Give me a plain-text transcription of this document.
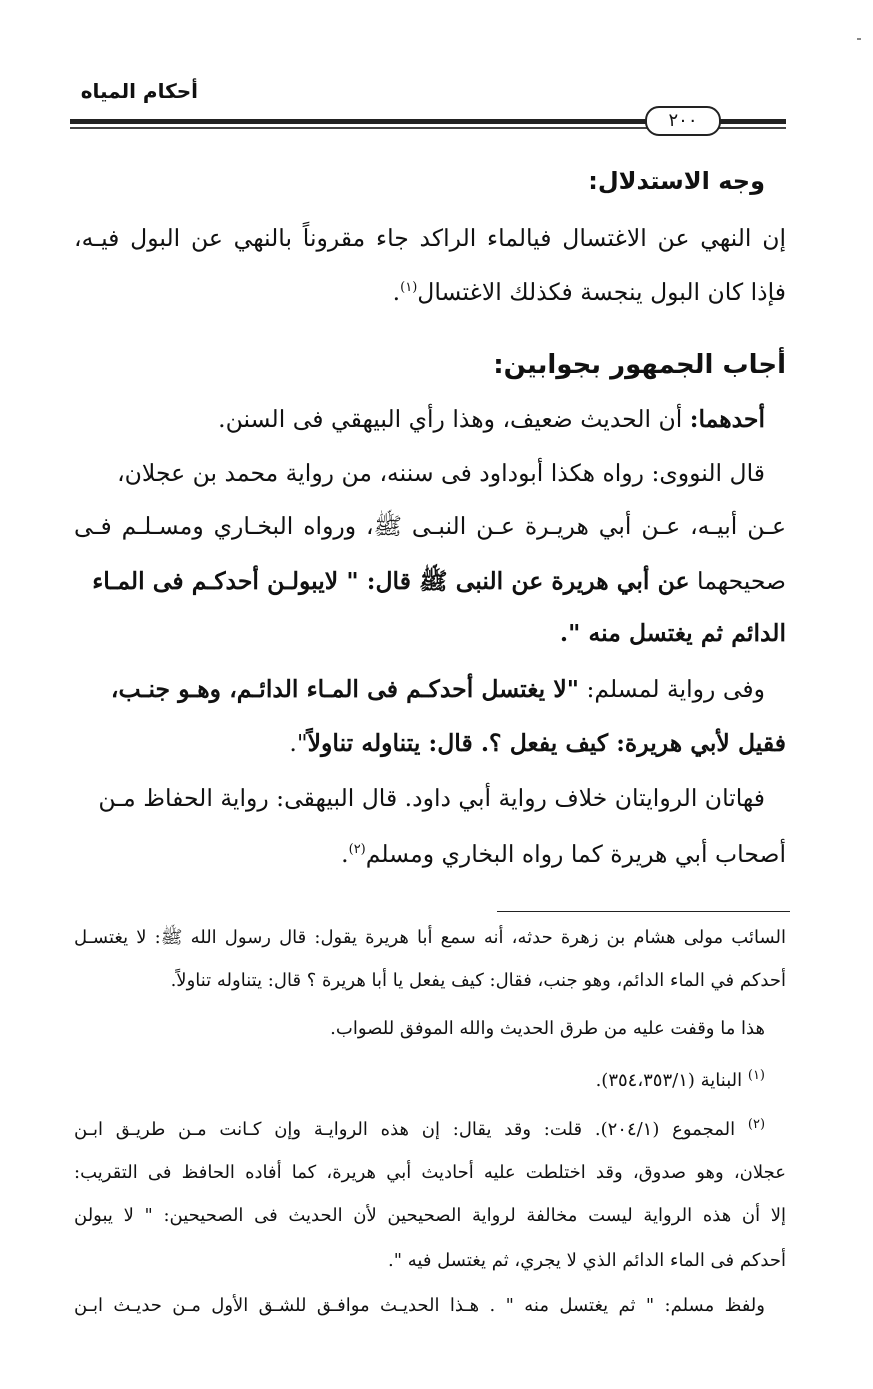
أحكام المياه
٢٠٠
وجه الاستدلال:
إن النهي عن الاغتسال فيالماء الراكد جاء مقروناً بالنهي عن البول فيـه،
فإذا كان البول ينجسة فكذلك الاغتسال$^{(١)}$.
أجاب الجمهور بجوابين:
أحدهما: أن الحديث ضعيف، وهذا رأي البيهقي فى السنن.
قال النووى: رواه هكذا أبوداود فى سننه، من رواية محمد بن عجلان،
عـن أبيـه، عـن أبي هريـرة عـن النبـى ﷺ، ورواه البخـاري ومسـلـم فـى
صحيحهما عن أبي هريرة عن النبى ﷺ قال: " لايبولـن أحدكـم فى المـاء
الدائم ثم يغتسل منه ".
وفى رواية لمسلم: "لا يغتسل أحدكـم فى المـاء الدائـم، وهـو جنـب،
فقيل لأبي هريرة: كيف يفعل ؟. قال: يتناوله تناولاً".
فهاتان الروايتان خلاف رواية أبي داود. قال البيهقى: رواية الحفاظ مـن
أصحاب أبي هريرة كما رواه البخاري ومسلم$^{(٢)}$.
السائب مولى هشام بن زهرة حدثه، أنه سمع أبا هريرة يقول: قال رسول الله ﷺ: لا يغتسـل
أحدكم في الماء الدائم، وهو جنب، فقال: كيف يفعل يا أبا هريرة ؟ قال: يتناوله تناولاً.
هذا ما وقفت عليه من طرق الحديث والله الموفق للصواب.
$^{(١)}$ البناية (٣٥٤،٣٥٣/١).
$^{(٢)}$ المجموع (٢٠٤/١). قلت: وقد يقال: إن هذه الروايـة وإن كـانت مـن طريـق ابـن
عجلان، وهو صدوق، وقد اختلطت عليه أحاديث أبي هريرة، كما أفاده الحافظ فى التقريب:
إلا أن هذه الرواية ليست مخالفة لرواية الصحيحين لأن الحديث فى الصحيحين: " لا يبولن
أحدكم فى الماء الدائم الذي لا يجري، ثم يغتسل فيه ".
ولفظ مسلم: " ثم يغتسل منه " . هـذا الحديـث موافـق للشـق الأول مـن حديـث ابـن
